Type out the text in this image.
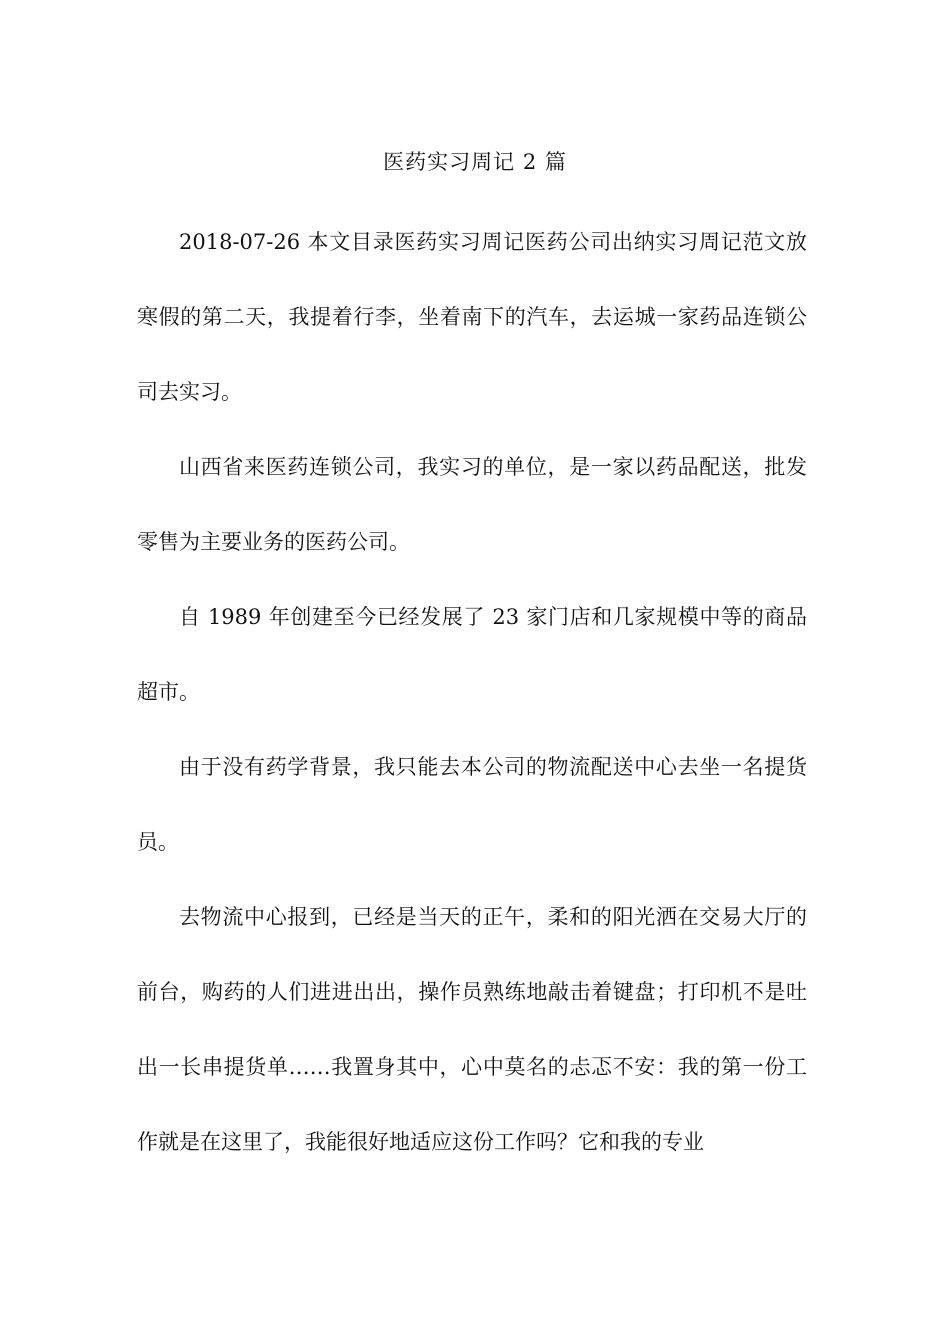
医药实习周记 2 篇

2018-07-26 本文目录医药实习周记医药公司出纳实习周记范文放寒假的第二天，我提着行李，坐着南下的汽车，去运城一家药品连锁公司去实习。

山西省来医药连锁公司，我实习的单位，是一家以药品配送，批发零售为主要业务的医药公司。

自 1989 年创建至今已经发展了 23 家门店和几家规模中等的商品超市。

由于没有药学背景，我只能去本公司的物流配送中心去坐一名提货员。

去物流中心报到，已经是当天的正午，柔和的阳光洒在交易大厅的前台，购药的人们进进出出，操作员熟练地敲击着键盘；打印机不是吐出一长串提货单……我置身其中，心中莫名的忐忑不安：我的第一份工作就是在这里了，我能很好地适应这份工作吗？它和我的专业
